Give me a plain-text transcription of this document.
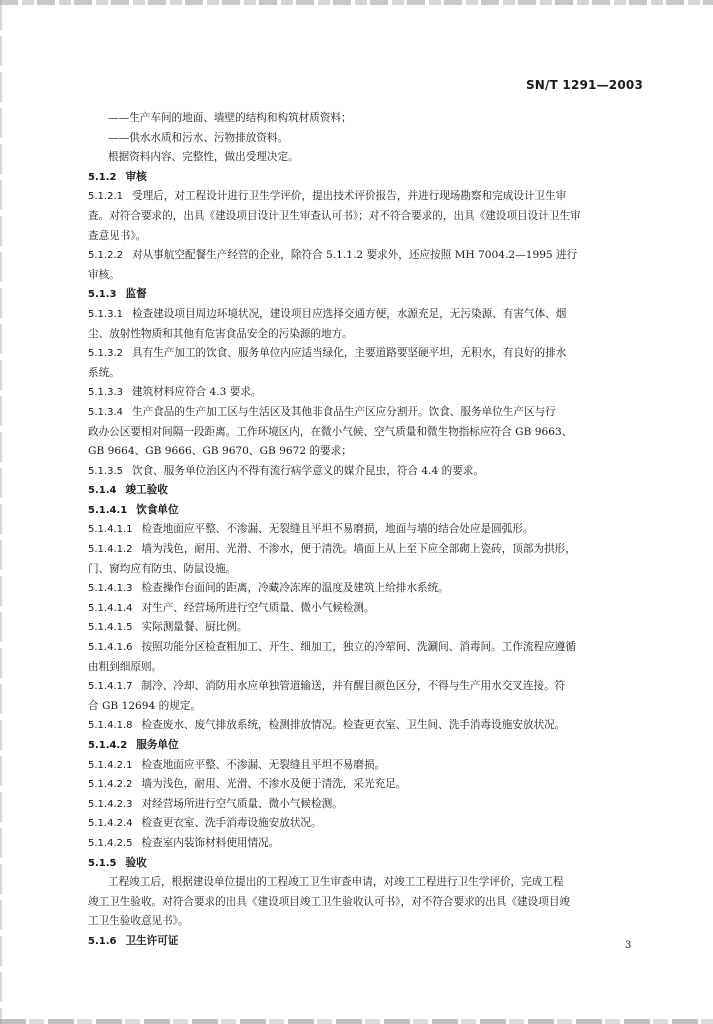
SN/T 1291—2003

——生产车间的地面、墙壁的结构和构筑材质资料；

——供水水质和污水、污物排放资料。

根据资料内容、完整性，做出受理决定。

5.1.2 审核

5.1.2.1 受理后，对工程设计进行卫生学评价，提出技术评价报告，并进行现场勘察和完成设计卫生审

查。对符合要求的，出具《建设项目设计卫生审查认可书》；对不符合要求的，出具《建设项目设计卫生审

查意见书》。

5.1.2.2 对从事航空配餐生产经营的企业，除符合 5.1.1.2 要求外，还应按照 MH 7004.2—1995 进行

审核。

5.1.3 监督

5.1.3.1 检查建设项目周边环境状况，建设项目应选择交通方便，水源充足，无污染源、有害气体、烟

尘、放射性物质和其他有危害食品安全的污染源的地方。

5.1.3.2 具有生产加工的饮食、服务单位内应适当绿化，主要道路要坚硬平坦，无积水，有良好的排水

系统。

5.1.3.3 建筑材料应符合 4.3 要求。

5.1.3.4 生产食品的生产加工区与生活区及其他非食品生产区应分割开。饮食、服务单位生产区与行

政办公区要相对间隔一段距离。工作环境区内，在微小气候、空气质量和微生物指标应符合 GB 9663、

GB 9664、GB 9666、GB 9670、GB 9672 的要求；

5.1.3.5 饮食、服务单位治区内不得有流行病学意义的媒介昆虫，符合 4.4 的要求。

5.1.4 竣工验收

5.1.4.1 饮食单位

5.1.4.1.1 检查地面应平整、不渗漏、无裂缝且平坦不易磨损，地面与墙的结合处应是圆弧形。

5.1.4.1.2 墙为浅色，耐用、光滑、不渗水，便于清洗。墙面上从上至下应全部砌上瓷砖，顶部为拱形，

门、窗均应有防虫、防鼠设施。

5.1.4.1.3 检查操作台面间的距离，冷藏冷冻库的温度及建筑上给排水系统。

5.1.4.1.4 对生产、经营场所进行空气质量、微小气候检测。

5.1.4.1.5 实际测量餐、厨比例。

5.1.4.1.6 按照功能分区检查粗加工、开生、细加工，独立的冷荤间、洗涮间、消毒间。工作流程应遵循

由粗到细原则。

5.1.4.1.7 制冷、冷却、消防用水应单独管道输送，并有醒目颜色区分，不得与生产用水交叉连接。符

合 GB 12694 的规定。

5.1.4.1.8 检查废水、废气排放系统，检测排放情况。检查更衣室、卫生间、洗手消毒设施安放状况。

5.1.4.2 服务单位

5.1.4.2.1 检查地面应平整、不渗漏、无裂缝且平坦不易磨损。

5.1.4.2.2 墙为浅色，耐用、光滑、不渗水及便于清洗，采光充足。

5.1.4.2.3 对经营场所进行空气质量、微小气候检测。

5.1.4.2.4 检查更衣室、洗手消毒设施安放状况。

5.1.4.2.5 检查室内装饰材料使用情况。

5.1.5 验收

工程竣工后，根据建设单位提出的工程竣工卫生审查申请，对竣工工程进行卫生学评价，完成工程

竣工卫生验收。对符合要求的出具《建设项目竣工卫生验收认可书》，对不符合要求的出具《建设项目竣

工卫生验收意见书》。

5.1.6 卫生许可证	3
